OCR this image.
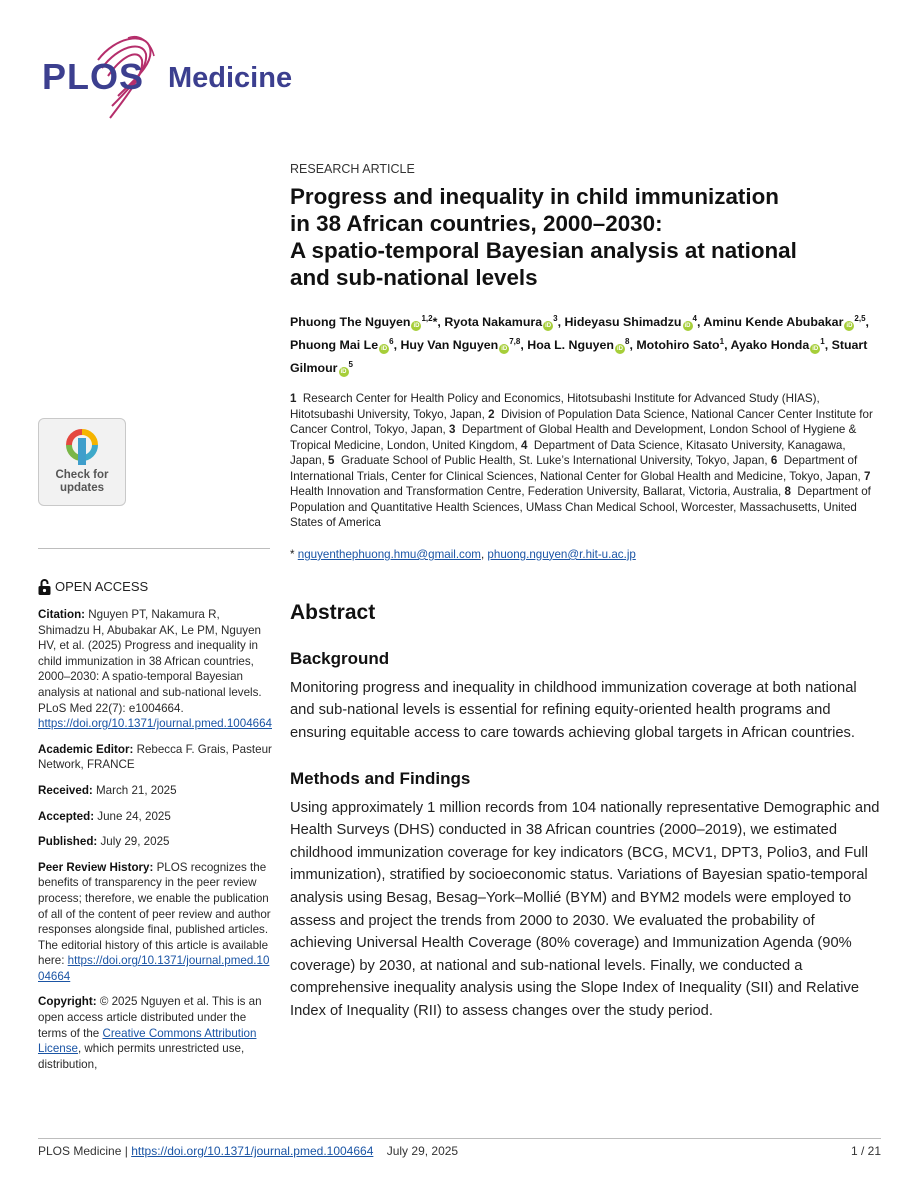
PLOS Medicine
Check for
updates
OPEN ACCESS

Citation: Nguyen PT, Nakamura R, Shimadzu H, Abubakar AK, Le PM, Nguyen HV, et al. (2025) Progress and inequality in child immunization in 38 African countries, 2000–2030: A spatio-temporal Bayesian analysis at national and sub-national levels. PLoS Med 22(7): e1004664. https://doi.org/10.1371/journal.pmed.1004664

Academic Editor: Rebecca F. Grais, Pasteur Network, FRANCE

Received: March 21, 2025

Accepted: June 24, 2025

Published: July 29, 2025

Peer Review History: PLOS recognizes the benefits of transparency in the peer review process; therefore, we enable the publication of all of the content of peer review and author responses alongside final, published articles. The editorial history of this article is available here: https://doi.org/10.1371/journal.pmed.1004664

Copyright: © 2025 Nguyen et al. This is an open access article distributed under the terms of the Creative Commons Attribution License, which permits unrestricted use, distribution,

RESEARCH ARTICLE
Progress and inequality in child immunization
in 38 African countries, 2000–2030:
A spatio-temporal Bayesian analysis at national
and sub-national levels
Phuong The Nguyen iD$^{1,2}$*, Ryota Nakamura $iD^3$, Hideyasu Shimadzu $iD^4$, Aminu Kende Abubakar iD$^{2,5}$, Phuong Mai Le $iD^6$, Huy Van Nguyen iD$^{7,8}$, Hoa L. Nguyen $iD^8$, Motohiro Sato$^1$, Ayako Honda $iD^1$, Stuart Gilmour $iD^5$
1 Research Center for Health Policy and Economics, Hitotsubashi Institute for Advanced Study (HIAS), Hitotsubashi University, Tokyo, Japan, 2 Division of Population Data Science, National Cancer Center Institute for Cancer Control, Tokyo, Japan, 3 Department of Global Health and Development, London School of Hygiene & Tropical Medicine, London, United Kingdom, 4 Department of Data Science, Kitasato University, Kanagawa, Japan, 5 Graduate School of Public Health, St. Luke’s International University, Tokyo, Japan, 6 Department of International Trials, Center for Clinical Sciences, National Center for Global Health and Medicine, Tokyo, Japan, 7  Health Innovation and Transformation Centre, Federation University, Ballarat, Victoria, Australia, 8 Department of Population and Quantitative Health Sciences, UMass Chan Medical School, Worcester, Massachusetts, United States of America
* nguyenthephuong.hmu@gmail.com, phuong.nguyen@r.hit-u.ac.jp
Abstract
Background

Monitoring progress and inequality in childhood immunization coverage at both national and sub-national levels is essential for refining equity-oriented health programs and ensuring equitable access to care towards achieving global targets in African countries.

Methods and Findings

Using approximately 1 million records from 104 nationally representative Demographic and Health Surveys (DHS) conducted in 38 African countries (2000–2019), we estimated childhood immunization coverage for key indicators (BCG, MCV1, DPT3, Polio3, and Full immunization), stratified by socioeconomic status. Variations of Bayesian spatio-temporal analysis using Besag, Besag–York–Mollié (BYM) and BYM2 models were employed to assess and project the trends from 2000 to 2030. We evaluated the probability of achieving Universal Health Coverage (80% coverage) and Immunization Agenda (90% coverage) by 2030, at national and sub-national levels. Finally, we conducted a comprehensive inequality analysis using the Slope Index of Inequality (SII) and Relative Index of Inequality (RII) to assess changes over the study period.

PLOS Medicine | https://doi.org/10.1371/journal.pmed.1004664 July 29, 2025	1 / 21
